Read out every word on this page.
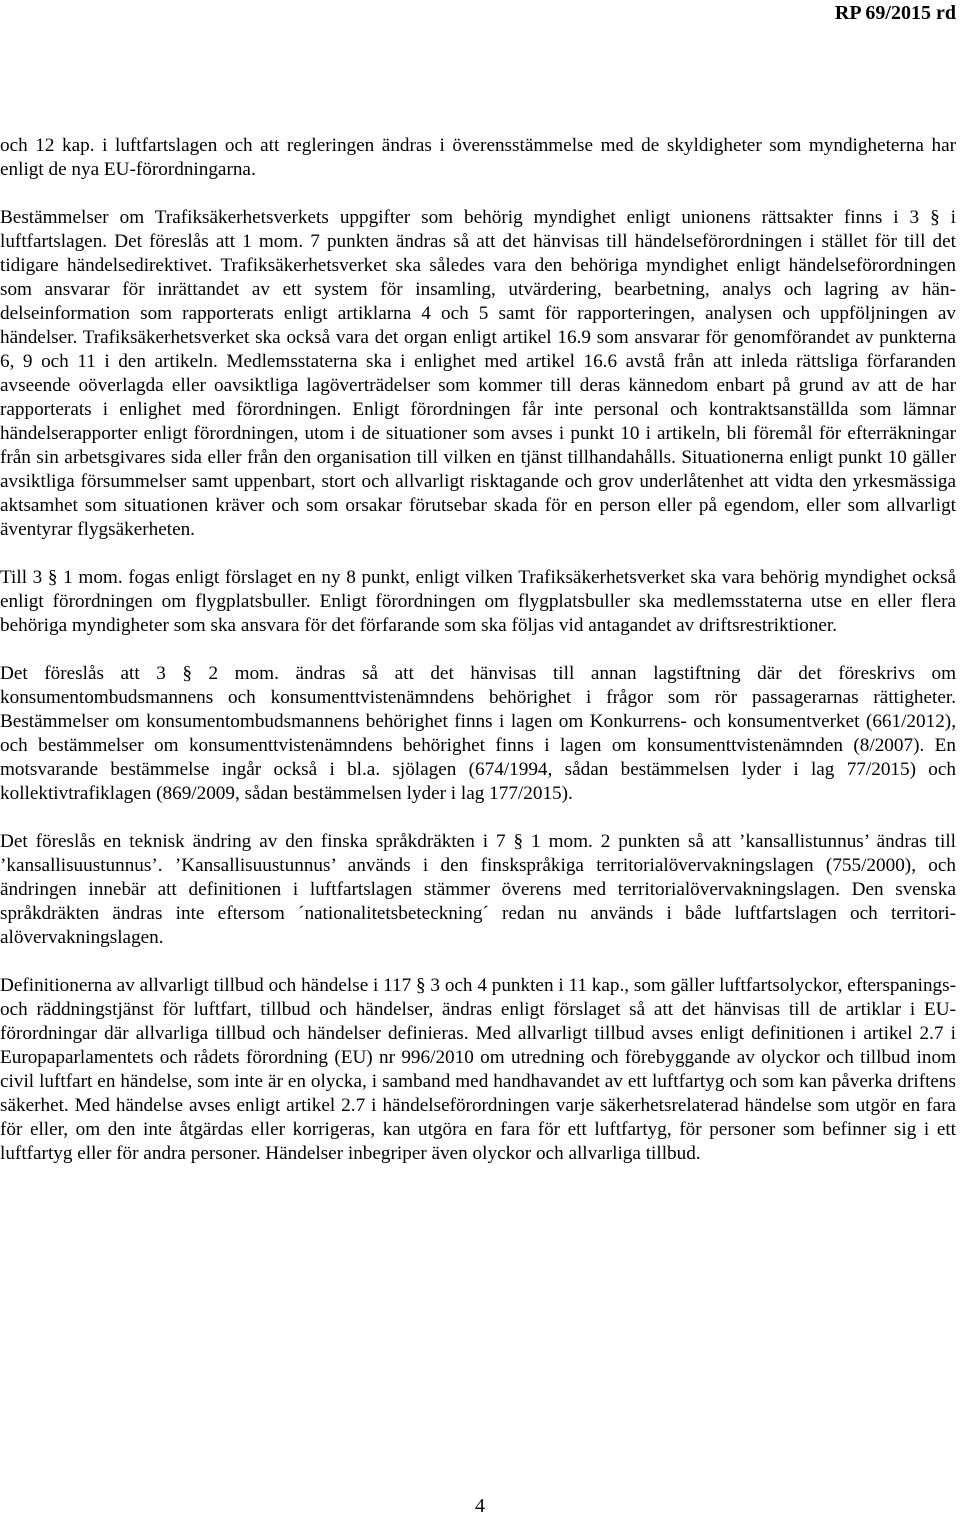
RP 69/2015 rd

och 12 kap. i luftfartslagen och att regleringen ändras i överensstämmelse med de skyldigheter som myndigheterna har enligt de nya EU-förordningarna.

Bestämmelser om Trafiksäkerhetsverkets uppgifter som behörig myndighet enligt unionens rättsakter finns i 3 § i luftfartslagen. Det föreslås att 1 mom. 7 punkten ändras så att det hänvisas till händelseförordningen i stället för till det tidigare händelsedirektivet. Trafiksäkerhetsverket ska således vara den behöriga myndighet enligt händelseförordningen som ansvarar för inrättandet av ett system för insamling, utvärdering, bearbetning, analys och lagring av händelseinformation som rapporterats enligt artiklarna 4 och 5 samt för rapporteringen, analysen och uppföljningen av händelser. Trafiksäkerhetsverket ska också vara det organ enligt artikel 16.9 som ansvarar för genomförandet av punkterna 6, 9 och 11 i den artikeln. Medlemsstaterna ska i enlighet med artikel 16.6 avstå från att inleda rättsliga förfaranden avseende oöverlagda eller oavsiktliga lagöverträdelser som kommer till deras kännedom enbart på grund av att de har rapporterats i enlighet med förordningen. Enligt förordningen får inte personal och kontraktsanställda som lämnar händelserapporter enligt förordningen, utom i de situationer som avses i punkt 10 i artikeln, bli föremål för efterräkningar från sin arbetsgivares sida eller från den organisation till vilken en tjänst tillhandahålls. Situationerna enligt punkt 10 gäller avsiktliga försummelser samt uppenbart, stort och allvarligt risktagande och grov underlåtenhet att vidta den yrkesmässiga aktsamhet som situationen kräver och som orsakar förutsebar skada för en person eller på egendom, eller som allvarligt äventyrar flygsäkerheten.

Till 3 § 1 mom. fogas enligt förslaget en ny 8 punkt, enligt vilken Trafiksäkerhetsverket ska vara behörig myndighet också enligt förordningen om flygplatsbuller. Enligt förordningen om flygplatsbuller ska medlemsstaterna utse en eller flera behöriga myndigheter som ska ansvara för det förfarande som ska följas vid antagandet av driftsrestriktioner.

Det föreslås att 3 § 2 mom. ändras så att det hänvisas till annan lagstiftning där det föreskrivs om konsumentombudsmannens och konsumenttvistenämndens behörighet i frågor som rör passagerarnas rättigheter. Bestämmelser om konsumentombudsmannens behörighet finns i lagen om Konkurrens- och konsumentverket (661/2012), och bestämmelser om konsumenttvistenämndens behörighet finns i lagen om konsumenttvistenämnden (8/2007). En motsvarande bestämmelse ingår också i bl.a. sjölagen (674/1994, sådan bestämmelsen lyder i lag 77/2015) och kollektivtrafiklagen (869/2009, sådan bestämmelsen lyder i lag 177/2015).

Det föreslås en teknisk ändring av den finska språkdräkten i 7 § 1 mom. 2 punkten så att ’kansallistunnus’ ändras till ’kansallisuustunnus’. ’Kansallisuustunnus’ används i den finskspråkiga territorialövervakningslagen (755/2000), och ändringen innebär att definitionen i luftfartslagen stämmer överens med territorialövervakningslagen. Den svenska språkdräkten ändras inte eftersom ´nationalitetsbeteckning´ redan nu används i både luftfartslagen och territorialövervakningslagen.

Definitionerna av allvarligt tillbud och händelse i 117 § 3 och 4 punkten i 11 kap., som gäller luftfartsolyckor, efterspanings- och räddningstjänst för luftfart, tillbud och händelser, ändras enligt förslaget så att det hänvisas till de artiklar i EU-förordningar där allvarliga tillbud och händelser definieras. Med allvarligt tillbud avses enligt definitionen i artikel 2.7 i Europaparlamentets och rådets förordning (EU) nr 996/2010 om utredning och förebyggande av olyckor och tillbud inom civil luftfart en händelse, som inte är en olycka, i samband med handhavandet av ett luftfartyg och som kan påverka driftens säkerhet. Med händelse avses enligt artikel 2.7 i händelseförordningen varje säkerhetsrelaterad händelse som utgör en fara för eller, om den inte åtgärdas eller korrigeras, kan utgöra en fara för ett luftfartyg, för personer som befinner sig i ett luftfartyg eller för andra personer. Händelser inbegriper även olyckor och allvarliga tillbud.

4
